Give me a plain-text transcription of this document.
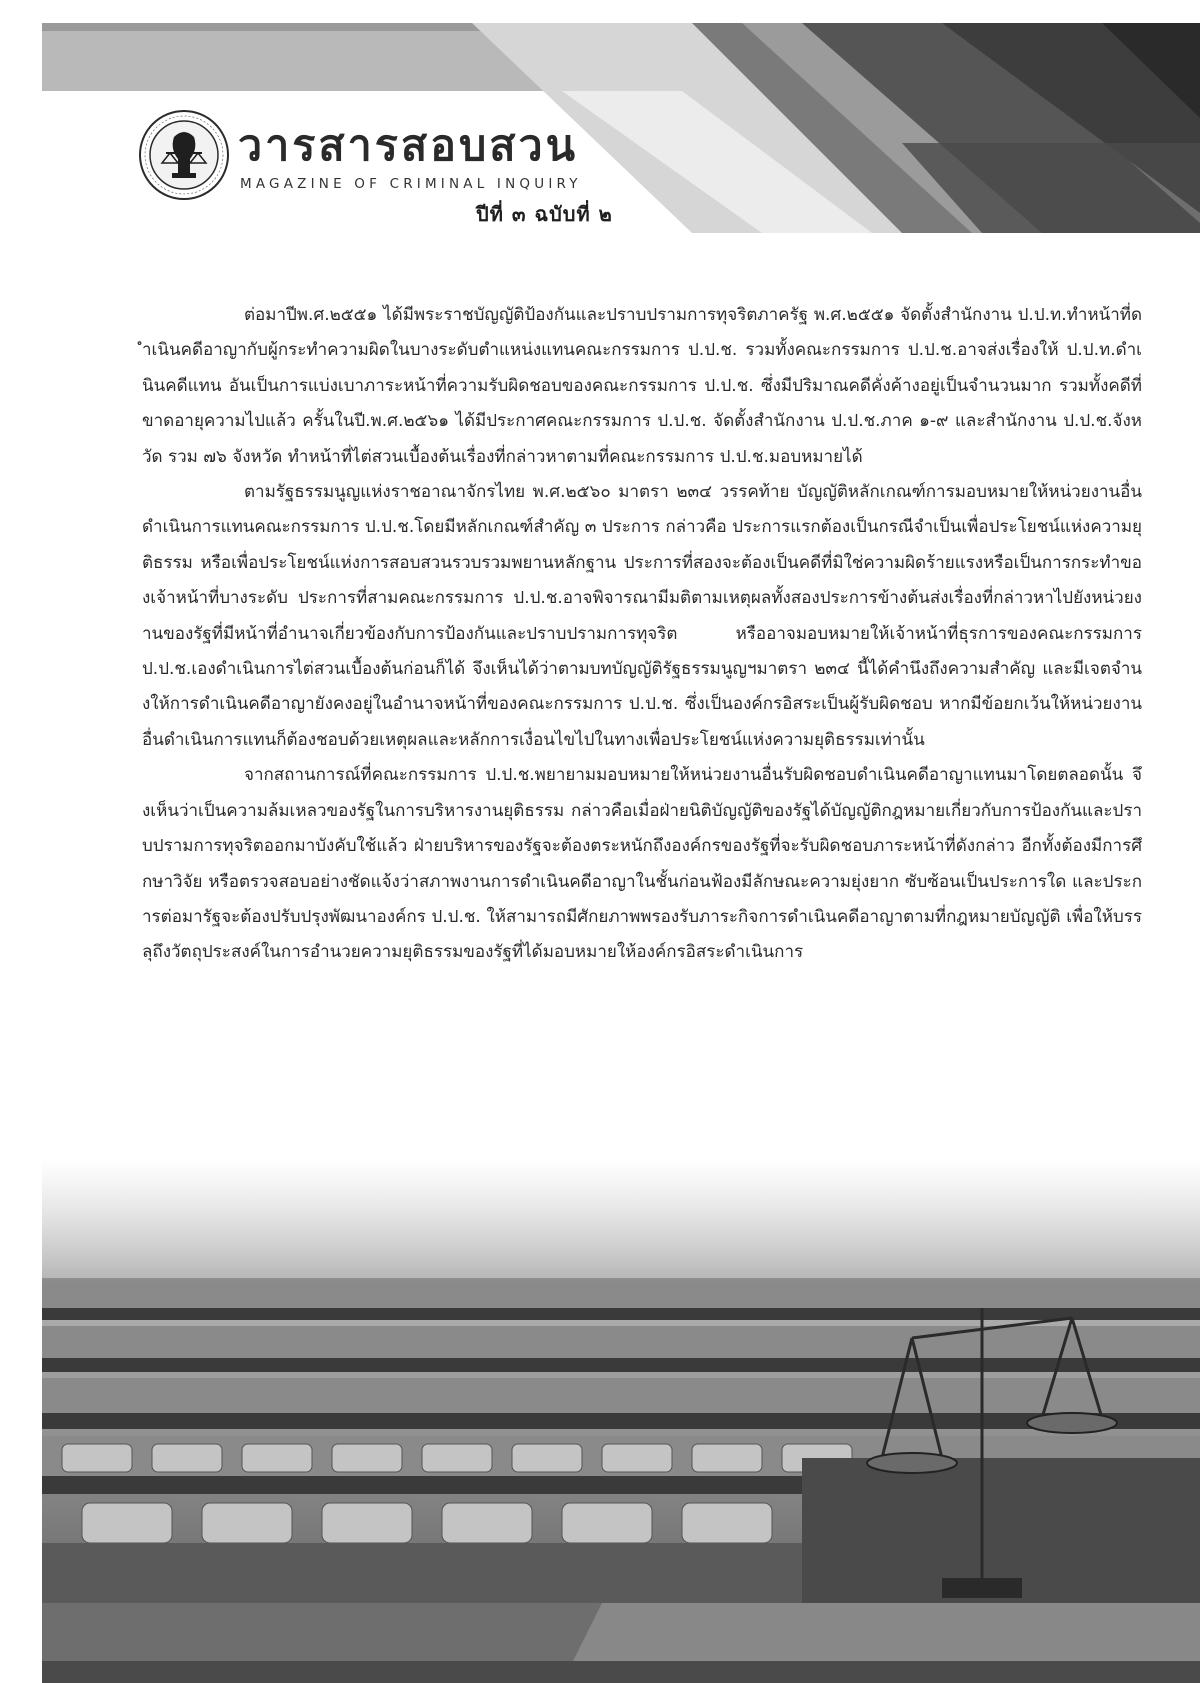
วารสารสอบสวน
MAGAZINE OF CRIMINAL INQUIRY
ปีที่ ๓ ฉบับที่ ๒

ต่อมาปีพ.ศ.๒๕๕๑ ได้มีพระราชบัญญัติป้องกันและปราบปรามการทุจริตภาครัฐ พ.ศ.๒๕๕๑ จัดตั้งสำนักงาน ป.ป.ท.ทำหน้าที่ดำเนินคดีอาญากับผู้กระทำความผิดในบางระดับตำแหน่งแทนคณะกรรมการ ป.ป.ช. รวมทั้งคณะกรรมการ ป.ป.ช.อาจส่งเรื่องให้ ป.ป.ท.ดำเนินคดีแทน อันเป็นการแบ่งเบาภาระหน้าที่ความรับผิดชอบของคณะกรรมการ ป.ป.ช. ซึ่งมีปริมาณคดีคั่งค้างอยู่เป็นจำนวนมาก รวมทั้งคดีที่ขาดอายุความไปแล้ว ครั้นในปี.พ.ศ.๒๕๖๑ ได้มีประกาศคณะกรรมการ ป.ป.ช. จัดตั้งสำนักงาน ป.ป.ช.ภาค ๑-๙ และสำนักงาน ป.ป.ช.จังหวัด รวม ๗๖ จังหวัด ทำหน้าที่ไต่สวนเบื้องต้นเรื่องที่กล่าวหาตามที่คณะกรรมการ ป.ป.ช.มอบหมายได้

ตามรัฐธรรมนูญแห่งราชอาณาจักรไทย พ.ศ.๒๕๖๐ มาตรา ๒๓๔ วรรคท้าย บัญญัติหลักเกณฑ์การมอบหมายให้หน่วยงานอื่นดำเนินการแทนคณะกรรมการ ป.ป.ช.โดยมีหลักเกณฑ์สำคัญ ๓ ประการ กล่าวคือ ประการแรกต้องเป็นกรณีจำเป็นเพื่อประโยชน์แห่งความยุติธรรม หรือเพื่อประโยชน์แห่งการสอบสวนรวบรวมพยานหลักฐาน ประการที่สองจะต้องเป็นคดีที่มิใช่ความผิดร้ายแรงหรือเป็นการกระทำของเจ้าหน้าที่บางระดับ ประการที่สามคณะกรรมการ ป.ป.ช.อาจพิจารณามีมติตามเหตุผลทั้งสองประการข้างต้นส่งเรื่องที่กล่าวหาไปยังหน่วยงานของรัฐที่มีหน้าที่อำนาจเกี่ยวข้องกับการป้องกันและปราบปรามการทุจริต หรืออาจมอบหมายให้เจ้าหน้าที่ธุรการของคณะกรรมการ ป.ป.ช.เองดำเนินการไต่สวนเบื้องต้นก่อนก็ได้ จึงเห็นได้ว่าตามบทบัญญัติรัฐธรรมนูญฯมาตรา ๒๓๔ นี้ได้คำนึงถึงความสำคัญ และมีเจตจำนงให้การดำเนินคดีอาญายังคงอยู่ในอำนาจหน้าที่ของคณะกรรมการ ป.ป.ช. ซึ่งเป็นองค์กรอิสระเป็นผู้รับผิดชอบ หากมีข้อยกเว้นให้หน่วยงานอื่นดำเนินการแทนก็ต้องชอบด้วยเหตุผลและหลักการเงื่อนไขไปในทางเพื่อประโยชน์แห่งความยุติธรรมเท่านั้น

จากสถานการณ์ที่คณะกรรมการ ป.ป.ช.พยายามมอบหมายให้หน่วยงานอื่นรับผิดชอบดำเนินคดีอาญาแทนมาโดยตลอดนั้น จึงเห็นว่าเป็นความล้มเหลวของรัฐในการบริหารงานยุติธรรม กล่าวคือเมื่อฝ่ายนิติบัญญัติของรัฐได้บัญญัติกฎหมายเกี่ยวกับการป้องกันและปราบปรามการทุจริตออกมาบังคับใช้แล้ว ฝ่ายบริหารของรัฐจะต้องตระหนักถึงองค์กรของรัฐที่จะรับผิดชอบภาระหน้าที่ดังกล่าว อีกทั้งต้องมีการศึกษาวิจัย หรือตรวจสอบอย่างชัดแจ้งว่าสภาพงานการดำเนินคดีอาญาในชั้นก่อนฟ้องมีลักษณะความยุ่งยาก ซับซ้อนเป็นประการใด และประการต่อมารัฐจะต้องปรับปรุงพัฒนาองค์กร ป.ป.ช. ให้สามารถมีศักยภาพพรองรับภาระกิจการดำเนินคดีอาญาตามที่กฎหมายบัญญัติ เพื่อให้บรรลุถึงวัตถุประสงค์ในการอำนวยความยุติธรรมของรัฐที่ได้มอบหมายให้องค์กรอิสระดำเนินการ
